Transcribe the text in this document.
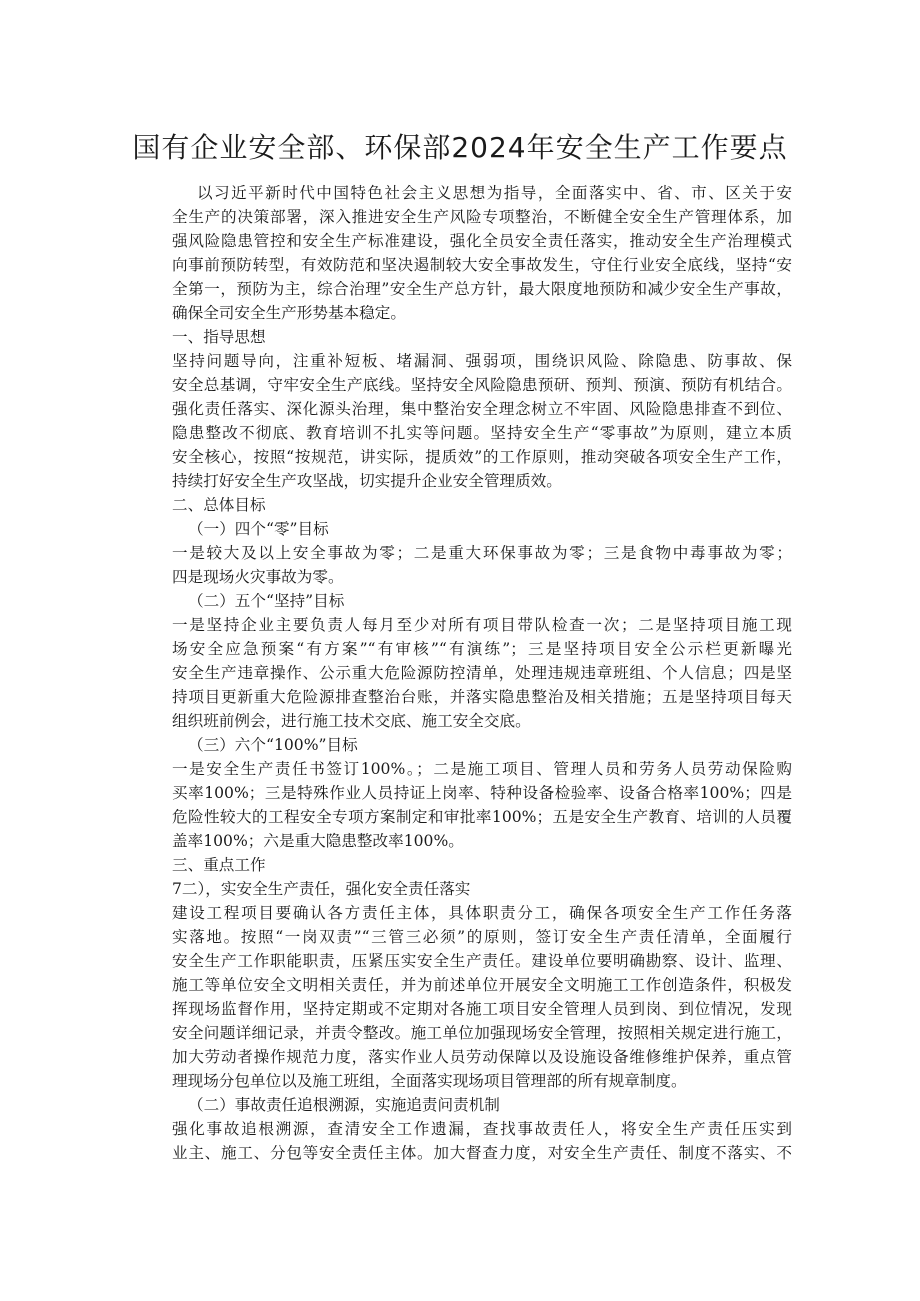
国有企业安全部、环保部2024年安全生产工作要点
以习近平新时代中国特色社会主义思想为指导，全面落实中、省、市、区关于安
全生产的决策部署，深入推进安全生产风险专项整治，不断健全安全生产管理体系，加
强风险隐患管控和安全生产标准建设，强化全员安全责任落实，推动安全生产治理模式
向事前预防转型，有效防范和坚决遏制较大安全事故发生，守住行业安全底线，坚持“安
全第一，预防为主，综合治理”安全生产总方针，最大限度地预防和减少安全生产事故，
确保全司安全生产形势基本稳定。
一、指导思想
坚持问题导向，注重补短板、堵漏洞、强弱项，围绕识风险、除隐患、防事故、保
安全总基调，守牢安全生产底线。坚持安全风险隐患预研、预判、预演、预防有机结合。
强化责任落实、深化源头治理，集中整治安全理念树立不牢固、风险隐患排查不到位、
隐患整改不彻底、教育培训不扎实等问题。坚持安全生产“零事故”为原则，建立本质
安全核心，按照“按规范，讲实际，提质效”的工作原则，推动突破各项安全生产工作，
持续打好安全生产攻坚战，切实提升企业安全管理质效。
二、总体目标
（一）四个“零”目标
一是较大及以上安全事故为零；二是重大环保事故为零；三是食物中毒事故为零；
四是现场火灾事故为零。
（二）五个“坚持”目标
一是坚持企业主要负责人每月至少对所有项目带队检查一次；二是坚持项目施工现
场安全应急预案“有方案”“有审核”“有演练”；三是坚持项目安全公示栏更新曝光
安全生产违章操作、公示重大危险源防控清单，处理违规违章班组、个人信息；四是坚
持项目更新重大危险源排查整治台账，并落实隐患整治及相关措施；五是坚持项目每天
组织班前例会，进行施工技术交底、施工安全交底。
（三）六个“100%”目标
一是安全生产责任书签订100%。；二是施工项目、管理人员和劳务人员劳动保险购
买率100%；三是特殊作业人员持证上岗率、特种设备检验率、设备合格率100%；四是
危险性较大的工程安全专项方案制定和审批率100%；五是安全生产教育、培训的人员覆
盖率100%；六是重大隐患整改率100%。
三、重点工作
7二），实安全生产责任，强化安全责任落实
建设工程项目要确认各方责任主体，具体职责分工，确保各项安全生产工作任务落
实落地。按照“一岗双责”“三管三必须”的原则，签订安全生产责任清单，全面履行
安全生产工作职能职责，压紧压实安全生产责任。建设单位要明确勘察、设计、监理、
施工等单位安全文明相关责任，并为前述单位开展安全文明施工工作创造条件，积极发
挥现场监督作用，坚持定期或不定期对各施工项目安全管理人员到岗、到位情况，发现
安全问题详细记录，并责令整改。施工单位加强现场安全管理，按照相关规定进行施工，
加大劳动者操作规范力度，落实作业人员劳动保障以及设施设备维修维护保养，重点管
理现场分包单位以及施工班组，全面落实现场项目管理部的所有规章制度。
（二）事故责任追根溯源，实施追责问责机制
强化事故追根溯源，查清安全工作遗漏，查找事故责任人，将安全生产责任压实到
业主、施工、分包等安全责任主体。加大督查力度，对安全生产责任、制度不落实、不
